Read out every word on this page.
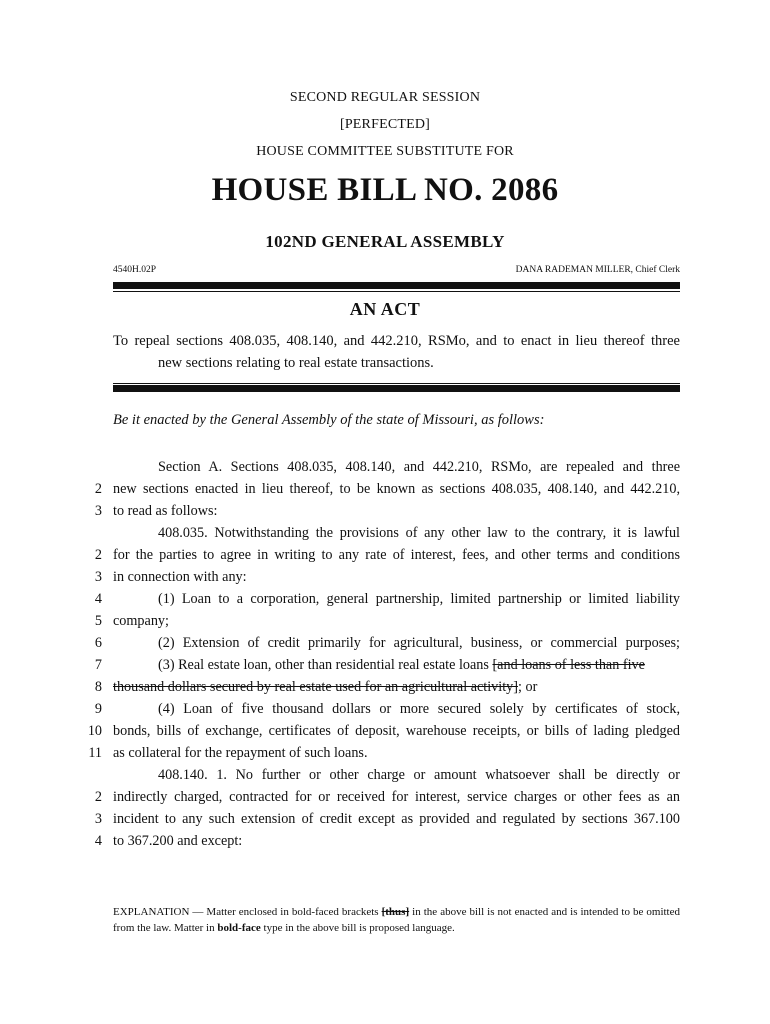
SECOND REGULAR SESSION
[PERFECTED]
HOUSE COMMITTEE SUBSTITUTE FOR
HOUSE BILL NO. 2086
102ND GENERAL ASSEMBLY
4540H.02P	DANA RADEMAN MILLER, Chief Clerk
AN ACT
To repeal sections 408.035, 408.140, and 442.210, RSMo, and to enact in lieu thereof three
new sections relating to real estate transactions.
Be it enacted by the General Assembly of the state of Missouri, as follows:
Section A. Sections 408.035, 408.140, and 442.210, RSMo, are repealed and three
2 new sections enacted in lieu thereof, to be known as sections 408.035, 408.140, and 442.210,
3 to read as follows:
408.035. Notwithstanding the provisions of any other law to the contrary, it is lawful
2 for the parties to agree in writing to any rate of interest, fees, and other terms and conditions
3 in connection with any:
4	(1) Loan to a corporation, general partnership, limited partnership or limited liability
5 company;
6	(2) Extension of credit primarily for agricultural, business, or commercial purposes;
7	(3) Real estate loan, other than residential real estate loans [and loans of less than five
8 thousand dollars secured by real estate used for an agricultural activity]; or
9	(4) Loan of five thousand dollars or more secured solely by certificates of stock,
10 bonds, bills of exchange, certificates of deposit, warehouse receipts, or bills of lading pledged
11 as collateral for the repayment of such loans.
408.140. 1. No further or other charge or amount whatsoever shall be directly or
2 indirectly charged, contracted for or received for interest, service charges or other fees as an
3 incident to any such extension of credit except as provided and regulated by sections 367.100
4 to 367.200 and except:
EXPLANATION — Matter enclosed in bold-faced brackets [thus] in the above bill is not enacted and is intended to be omitted from the law. Matter in bold-face type in the above bill is proposed language.
